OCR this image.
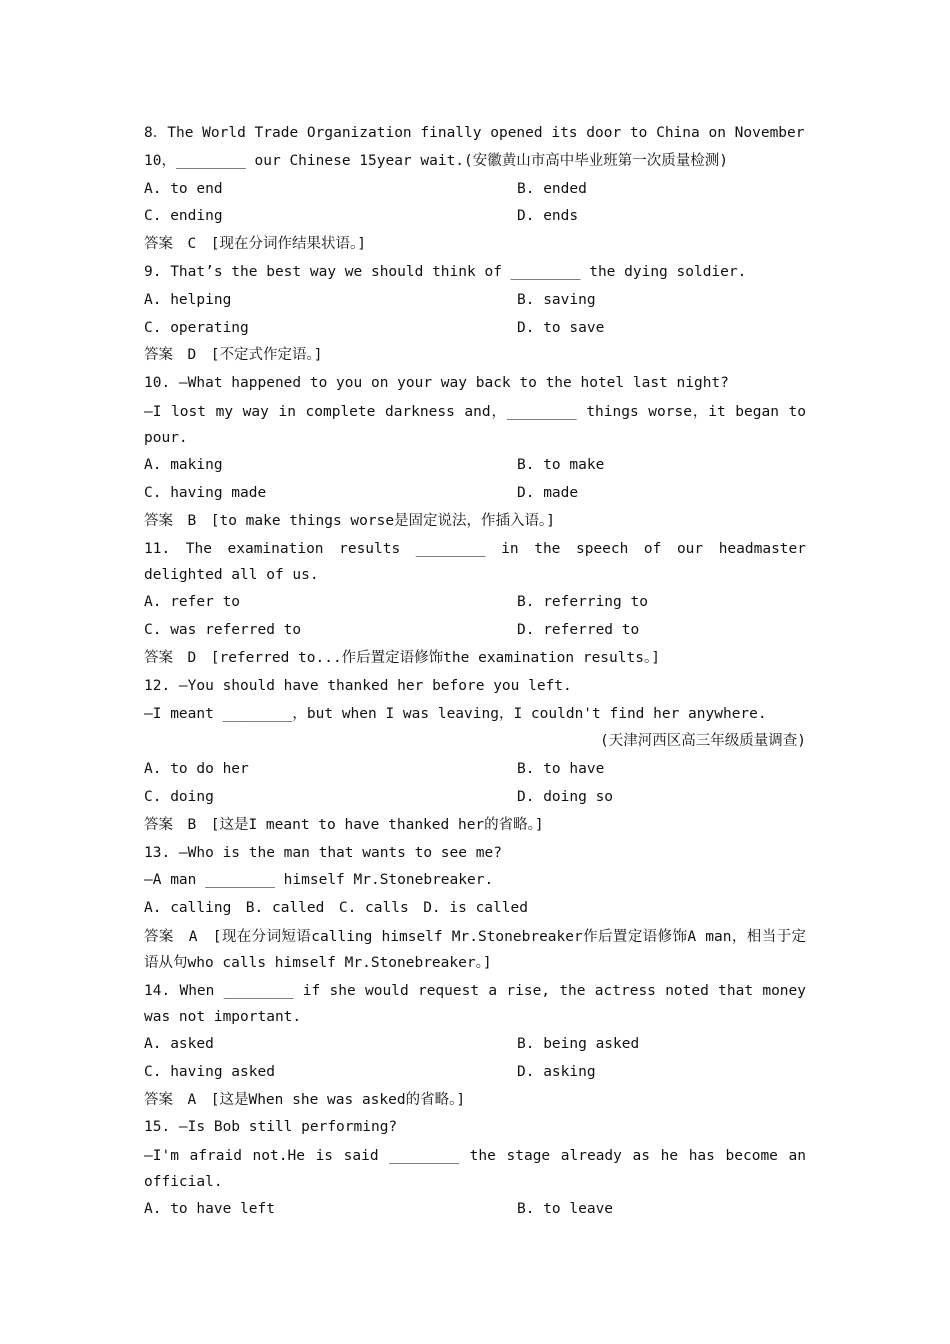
8．The World Trade Organization finally opened its door to China on November
10，________ our Chinese 15year wait.(安徽黄山市高中毕业班第一次质量检测)
A. to end	B. ended
C. ending	D. ends
答案　C　[现在分词作结果状语。]
9. That’s the best way we should think of ________ the dying soldier.
A. helping	B. saving
C. operating	D. to save
答案　D　[不定式作定语。]
10. —What happened to you on your way back to the hotel last night?
—I lost my way in complete darkness and，________ things worse，it began to pour.
A. making	B. to make
C. having made	D. made
答案　B　[to make things worse是固定说法，作插入语。]
11. The examination results ________ in the speech of our headmaster delighted all of us.
A. refer to	B. referring to
C. was referred to	D. referred to
答案　D　[referred to...作后置定语修饰the examination results。]
12. —You should have thanked her before you left.
—I meant ________，but when I was leaving，I couldn't find her anywhere.
(天津河西区高三年级质量调查)
A. to do her	B. to have
C. doing	D. doing so
答案　B　[这是I meant to have thanked her的省略。]
13. —Who is the man that wants to see me?
—A man ________ himself Mr.Stonebreaker.
A. calling　B. called　C. calls　D. is called
答案　A　[现在分词短语calling himself Mr.Stonebreaker作后置定语修饰A man，相当于定语从句who calls himself Mr.Stonebreaker。]
14. When ________ if she would request a rise, the actress noted that money was not important.
A. asked	B. being asked
C. having asked	D. asking
答案　A　[这是When she was asked的省略。]
15. —Is Bob still performing?
—I'm afraid not.He is said ________ the stage already as he has become an official.
A. to have left	B. to leave
